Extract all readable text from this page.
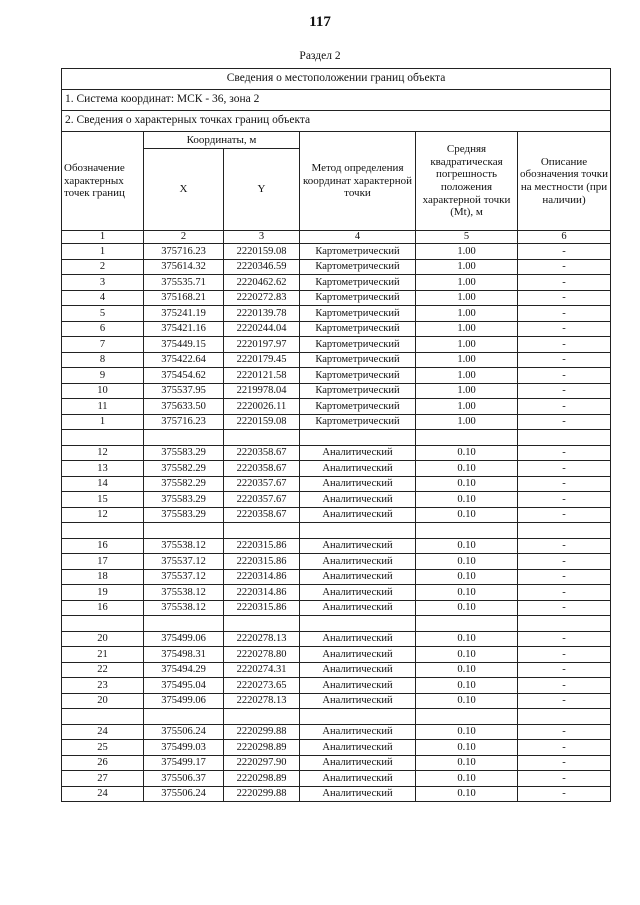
117
Раздел 2
Сведения о местоположении границ объекта					
1. Система координат: МСК - 36, зона 2					
2. Сведения о характерных точках границ объекта					
Обозначение характерных точек границ	Координаты, м		Метод определения координат характерной точки	Средняя квадратическая погрешность положения характерной точки (Mt), м	Описание обозначения точки на местности (при наличии)
	X	Y			
1	2	3	4	5	6
1	375716.23	2220159.08	Картометрический	1.00	-
2	375614.32	2220346.59	Картометрический	1.00	-
3	375535.71	2220462.62	Картометрический	1.00	-
4	375168.21	2220272.83	Картометрический	1.00	-
5	375241.19	2220139.78	Картометрический	1.00	-
6	375421.16	2220244.04	Картометрический	1.00	-
7	375449.15	2220197.97	Картометрический	1.00	-
8	375422.64	2220179.45	Картометрический	1.00	-
9	375454.62	2220121.58	Картометрический	1.00	-
10	375537.95	2219978.04	Картометрический	1.00	-
11	375633.50	2220026.11	Картометрический	1.00	-
1	375716.23	2220159.08	Картометрический	1.00	-

12	375583.29	2220358.67	Аналитический	0.10	-
13	375582.29	2220358.67	Аналитический	0.10	-
14	375582.29	2220357.67	Аналитический	0.10	-
15	375583.29	2220357.67	Аналитический	0.10	-
12	375583.29	2220358.67	Аналитический	0.10	-

16	375538.12	2220315.86	Аналитический	0.10	-
17	375537.12	2220315.86	Аналитический	0.10	-
18	375537.12	2220314.86	Аналитический	0.10	-
19	375538.12	2220314.86	Аналитический	0.10	-
16	375538.12	2220315.86	Аналитический	0.10	-

20	375499.06	2220278.13	Аналитический	0.10	-
21	375498.31	2220278.80	Аналитический	0.10	-
22	375494.29	2220274.31	Аналитический	0.10	-
23	375495.04	2220273.65	Аналитический	0.10	-
20	375499.06	2220278.13	Аналитический	0.10	-

24	375506.24	2220299.88	Аналитический	0.10	-
25	375499.03	2220298.89	Аналитический	0.10	-
26	375499.17	2220297.90	Аналитический	0.10	-
27	375506.37	2220298.89	Аналитический	0.10	-
24	375506.24	2220299.88	Аналитический	0.10	-
